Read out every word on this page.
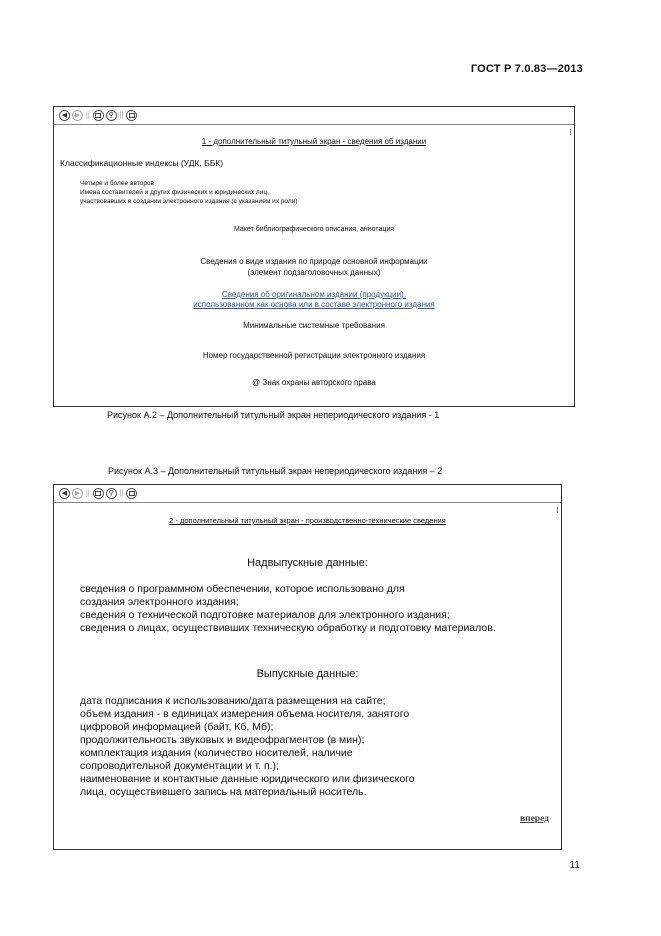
ГОСТ Р 7.0.83—2013
◀ ▶ ||	⚲ ||
1 - дополнительный титульный экран - сведения об издании
Классификационные индексы (УДК, ББК)
Четыре и более авторов
Имена составителей и других физических и юридических лиц,
участвовавших в создании электронного издания (с указанием их роли)
Макет библиографического описания, аннотация
Сведения о виде издания по природе основной информации
(элемент подзаголовочных данных)
Сведения об оригинальном издании (продукции),
использованном как основа или в составе электронного издания
Минимальные системные требования
Номер государственной регистрации электронного издания
@ Знак охраны авторского права
Рисунок А.2 – Дополнительный титульный экран непериодического издания - 1
Рисунок А.3 – Дополнительный титульный экран непериодического издания – 2
◀ ▶ ||	⚲ ||
2 - дополнительный титульный экран - производственно-технические сведения
Надвыпускные данные:
сведения о программном обеспечении, которое использовано для
создания электронного издания;
сведения о технической подготовке материалов для электронного издания;
сведения о лицах, осуществивших техническую обработку и подготовку материалов.
Выпускные данные:
дата подписания к использованию/дата размещения на сайте;
объем издания - в единицах измерения объема носителя, занятого
цифровой информацией (байт, Кб, Мб);
продолжительность звуковых и видеофрагментов (в мин);
комплектация издания (количество носителей, наличие
сопроводительной документации и т. п.);
наименование и контактные данные юридического или физического
лица, осуществившего запись на материальный носитель.
вперед
11
